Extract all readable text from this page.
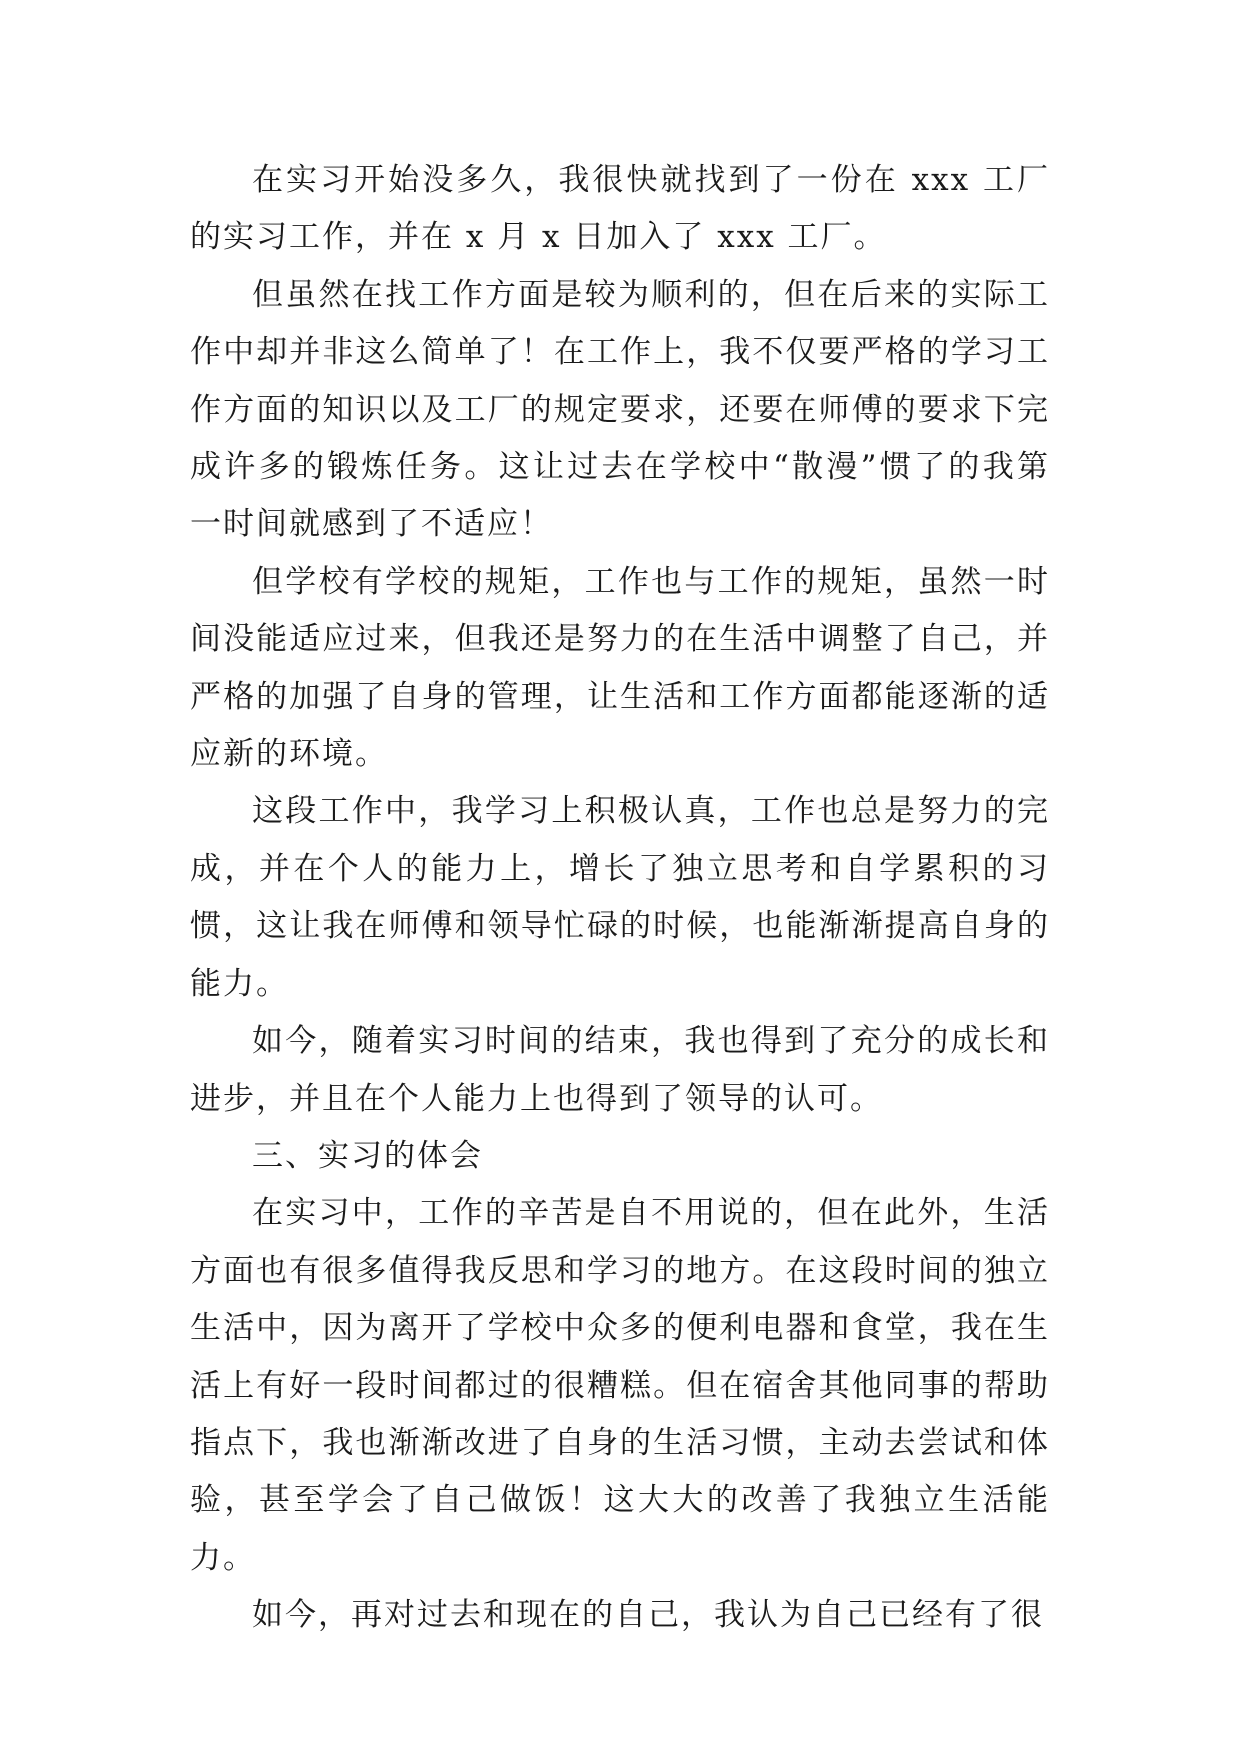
在实习开始没多久，我很快就找到了一份在 xxx 工厂的实习工作，并在 x 月 x 日加入了 xxx 工厂。

但虽然在找工作方面是较为顺利的，但在后来的实际工作中却并非这么简单了！在工作上，我不仅要严格的学习工作方面的知识以及工厂的规定要求，还要在师傅的要求下完成许多的锻炼任务。这让过去在学校中“散漫”惯了的我第一时间就感到了不适应！

但学校有学校的规矩，工作也与工作的规矩，虽然一时间没能适应过来，但我还是努力的在生活中调整了自己，并严格的加强了自身的管理，让生活和工作方面都能逐渐的适应新的环境。

这段工作中，我学习上积极认真，工作也总是努力的完成，并在个人的能力上，增长了独立思考和自学累积的习惯，这让我在师傅和领导忙碌的时候，也能渐渐提高自身的能力。

如今，随着实习时间的结束，我也得到了充分的成长和进步，并且在个人能力上也得到了领导的认可。

三、实习的体会

在实习中，工作的辛苦是自不用说的，但在此外，生活方面也有很多值得我反思和学习的地方。在这段时间的独立生活中，因为离开了学校中众多的便利电器和食堂，我在生活上有好一段时间都过的很糟糕。但在宿舍其他同事的帮助指点下，我也渐渐改进了自身的生活习惯，主动去尝试和体验，甚至学会了自己做饭！这大大的改善了我独立生活能力。

如今，再对过去和现在的自己，我认为自己已经有了很
